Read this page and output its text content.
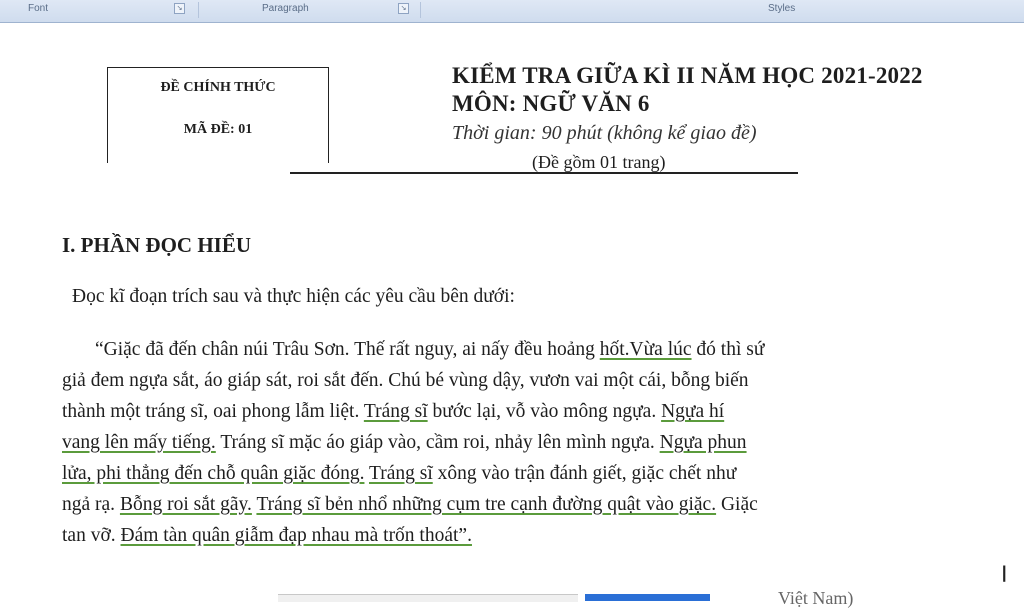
Font	↘	Paragraph	↘	Styles
ĐỀ CHÍNH THỨC
MÃ ĐỀ: 01
KIỂM TRA GIỮA KÌ II NĂM HỌC 2021-2022
MÔN: NGỮ VĂN 6
Thời gian: 90 phút (không kể giao đề)
(Đề gồm 01 trang)
I. PHẦN ĐỌC HIỂU
Đọc kĩ đoạn trích sau và thực hiện các yêu cầu bên dưới:
“Giặc đã đến chân núi Trâu Sơn. Thế rất nguy, ai nấy đều hoảng hốt.Vừa lúc đó thì sứ
giả đem ngựa sắt, áo giáp sát, roi sắt đến. Chú bé vùng dậy, vươn vai một cái, bỗng biến
thành một tráng sĩ, oai phong lẫm liệt. Tráng sĩ bước lại, vỗ vào mông ngựa. Ngựa hí
vang lên mấy tiếng. Tráng sĩ mặc áo giáp vào, cầm roi, nhảy lên mình ngựa. Ngựa phun
lửa, phi thẳng đến chỗ quân giặc đóng. Tráng sĩ xông vào trận đánh giết, giặc chết như
ngả rạ. Bỗng roi sắt gãy. Tráng sĩ bẻn nhổ những cụm tre cạnh đường quật vào giặc. Giặc
tan vỡ. Đám tàn quân giẫm đạp nhau mà trốn thoát”.
Việt Nam)
Ι
